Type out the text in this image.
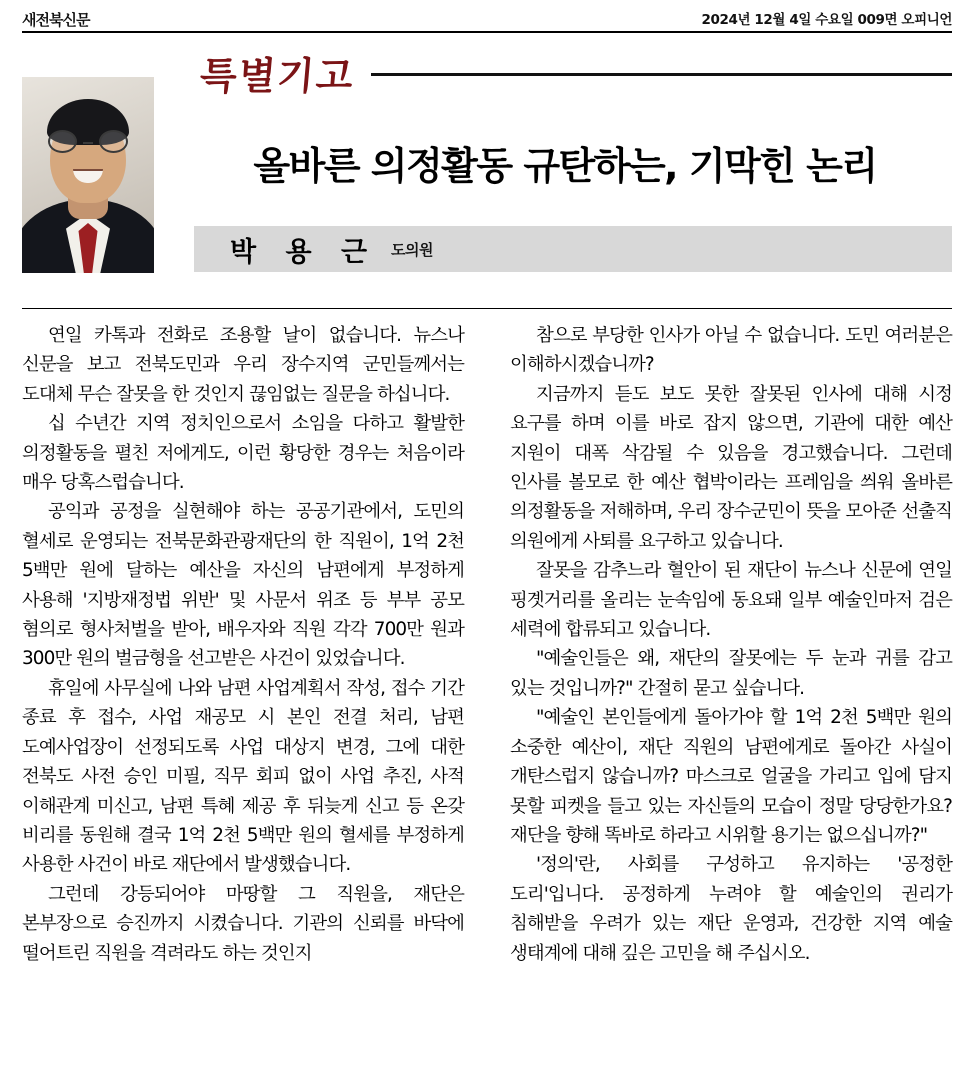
새전북신문	2024년 12월 4일 수요일 009면 오피니언
특별기고
올바른 의정활동 규탄하는, 기막힌 논리
박 용 근 도의원

연일 카톡과 전화로 조용할 날이 없습니다. 뉴스나 신문을 보고 전북도민과 우리 장수지역 군민들께서는 도대체 무슨 잘못을 한 것인지 끊임없는 질문을 하십니다.

십 수년간 지역 정치인으로서 소임을 다하고 활발한 의정활동을 펼친 저에게도, 이런 황당한 경우는 처음이라 매우 당혹스럽습니다.

공익과 공정을 실현해야 하는 공공기관에서, 도민의 혈세로 운영되는 전북문화관광재단의 한 직원이, 1억 2천 5백만 원에 달하는 예산을 자신의 남편에게 부정하게 사용해 '지방재정법 위반' 및 사문서 위조 등 부부 공모 혐의로 형사처벌을 받아, 배우자와 직원 각각 700만 원과 300만 원의 벌금형을 선고받은 사건이 있었습니다.

휴일에 사무실에 나와 남편 사업계획서 작성, 접수 기간 종료 후 접수, 사업 재공모 시 본인 전결 처리, 남편 도예사업장이 선정되도록 사업 대상지 변경, 그에 대한 전북도 사전 승인 미필, 직무 회피 없이 사업 추진, 사적 이해관계 미신고, 남편 특혜 제공 후 뒤늦게 신고 등 온갖 비리를 동원해 결국 1억 2천 5백만 원의 혈세를 부정하게 사용한 사건이 바로 재단에서 발생했습니다.

그런데 강등되어야 마땅할 그 직원을, 재단은 본부장으로 승진까지 시켰습니다. 기관의 신뢰를 바닥에 떨어트린 직원을 격려라도 하는 것인지

참으로 부당한 인사가 아닐 수 없습니다. 도민 여러분은 이해하시겠습니까?

지금까지 듣도 보도 못한 잘못된 인사에 대해 시정 요구를 하며 이를 바로 잡지 않으면, 기관에 대한 예산 지원이 대폭 삭감될 수 있음을 경고했습니다. 그런데 인사를 볼모로 한 예산 협박이라는 프레임을 씌워 올바른 의정활동을 저해하며, 우리 장수군민이 뜻을 모아준 선출직 의원에게 사퇴를 요구하고 있습니다.

잘못을 감추느라 혈안이 된 재단이 뉴스나 신문에 연일 핑곗거리를 올리는 눈속임에 동요돼 일부 예술인마저 검은 세력에 합류되고 있습니다.

"예술인들은 왜, 재단의 잘못에는 두 눈과 귀를 감고 있는 것입니까?" 간절히 묻고 싶습니다.

"예술인 본인들에게 돌아가야 할 1억 2천 5백만 원의 소중한 예산이, 재단 직원의 남편에게로 돌아간 사실이 개탄스럽지 않습니까? 마스크로 얼굴을 가리고 입에 담지 못할 피켓을 들고 있는 자신들의 모습이 정말 당당한가요? 재단을 향해 똑바로 하라고 시위할 용기는 없으십니까?"

'정의'란, 사회를 구성하고 유지하는 '공정한 도리'입니다. 공정하게 누려야 할 예술인의 권리가 침해받을 우려가 있는 재단 운영과, 건강한 지역 예술 생태계에 대해 깊은 고민을 해 주십시오.
